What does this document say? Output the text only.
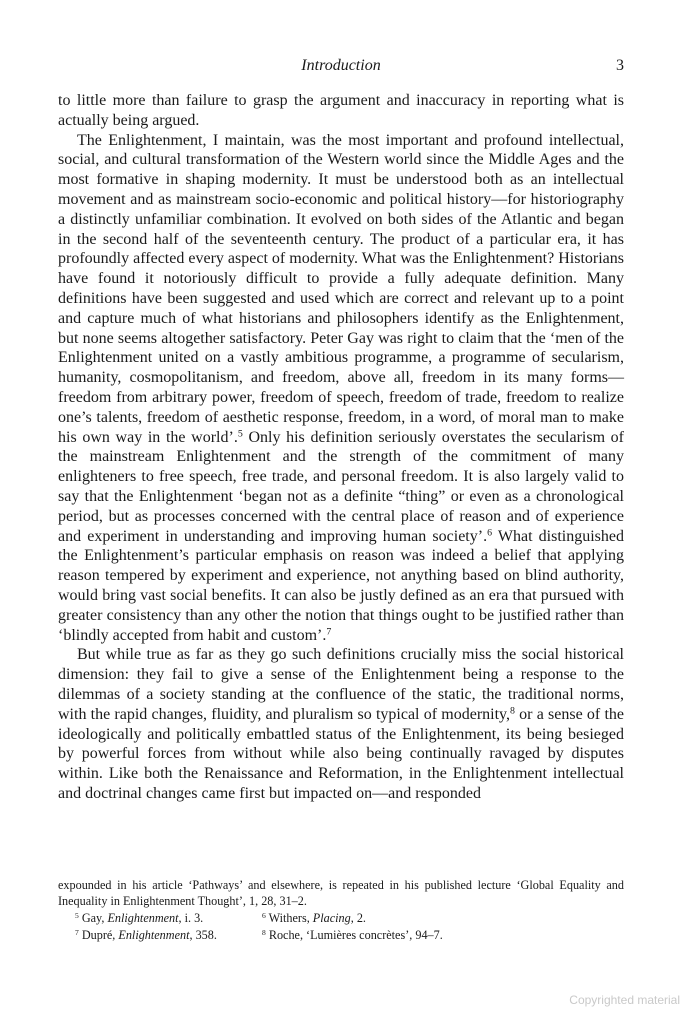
Introduction	3

to little more than failure to grasp the argument and inaccuracy in reporting what is actually being argued.

The Enlightenment, I maintain, was the most important and profound intellectual, social, and cultural transformation of the Western world since the Middle Ages and the most formative in shaping modernity. It must be understood both as an intellectual movement and as mainstream socio-economic and political history—for historiography a distinctly unfamiliar combination. It evolved on both sides of the Atlantic and began in the second half of the seventeenth century. The product of a particular era, it has profoundly affected every aspect of modernity. What was the Enlightenment? Historians have found it notoriously difficult to provide a fully adequate definition. Many definitions have been suggested and used which are correct and relevant up to a point and capture much of what historians and philosophers identify as the Enlightenment, but none seems altogether satisfactory. Peter Gay was right to claim that the ‘men of the Enlightenment united on a vastly ambitious programme, a programme of secularism, humanity, cosmopolitanism, and freedom, above all, freedom in its many forms—freedom from arbitrary power, freedom of speech, freedom of trade, freedom to realize one’s talents, freedom of aesthetic response, freedom, in a word, of moral man to make his own way in the world’.$^5$ Only his definition seriously overstates the secularism of the mainstream Enlightenment and the strength of the commitment of many enlighteners to free speech, free trade, and personal freedom. It is also largely valid to say that the Enlightenment ‘began not as a definite “thing” or even as a chronological period, but as processes concerned with the central place of reason and of experience and experiment in understanding and improving human society’.$^6$ What distinguished the Enlightenment’s particular emphasis on reason was indeed a belief that applying reason tempered by experiment and experience, not anything based on blind authority, would bring vast social benefits. It can also be justly defined as an era that pursued with greater consistency than any other the notion that things ought to be justified rather than ‘blindly accepted from habit and custom’.$^7$

But while true as far as they go such definitions crucially miss the social historical dimension: they fail to give a sense of the Enlightenment being a response to the dilemmas of a society standing at the confluence of the static, the traditional norms, with the rapid changes, fluidity, and pluralism so typical of modernity,$^8$ or a sense of the ideologically and politically embattled status of the Enlightenment, its being besieged by powerful forces from without while also being continually ravaged by disputes within. Like both the Renaissance and Reformation, in the Enlightenment intellectual and doctrinal changes came first but impacted on—and responded

expounded in his article ‘Pathways’ and elsewhere, is repeated in his published lecture ‘Global Equality and Inequality in Enlightenment Thought’, 1, 28, 31–2.

$^5$ Gay, Enlightenment, i. 3.	$^6$ Withers, Placing, 2.
$^7$ Dupré, Enlightenment, 358.	$^8$ Roche, ‘Lumières concrètes’, 94–7.
Copyrighted material
